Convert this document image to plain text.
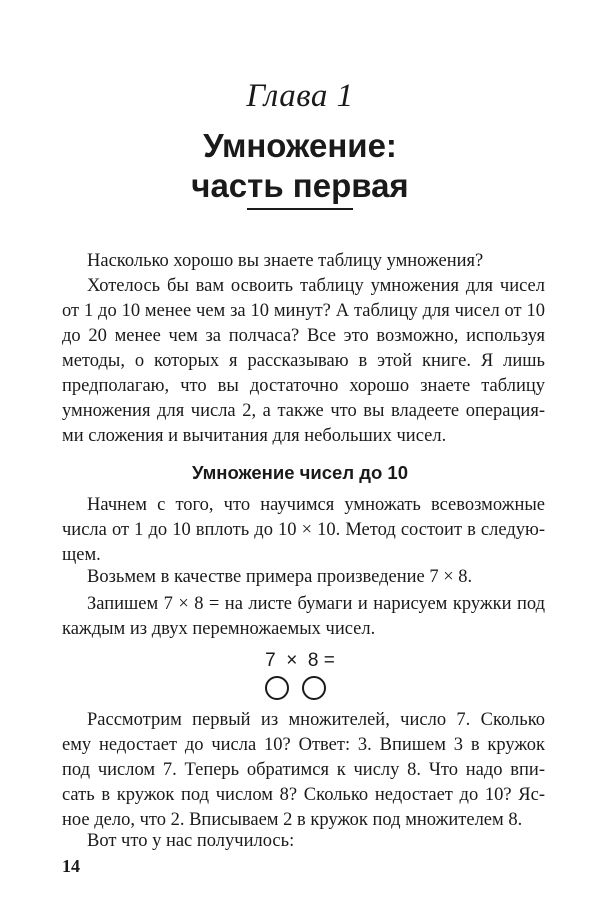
Глава 1
Умножение:
часть первая
Насколько хорошо вы знаете таблицу умножения?
Хотелось бы вам освоить таблицу умножения для чисел
от 1 до 10 менее чем за 10 минут? А таблицу для чисел от 10
до 20 менее чем за полчаса? Все это возможно, используя
методы, о которых я рассказываю в этой книге. Я лишь
предполагаю, что вы достаточно хорошо знаете таблицу
умножения для числа 2, а также что вы владеете операция-
ми сложения и вычитания для небольших чисел.
Умножение чисел до 10
Начнем с того, что научимся умножать всевозможные
числа от 1 до 10 вплоть до 10 × 10. Метод состоит в следую-
щем.
Возьмем в качестве примера произведение 7 × 8.
Запишем 7 × 8 = на листе бумаги и нарисуем кружки под
каждым из двух перемножаемых чисел.
7  ×  8 =
Рассмотрим первый из множителей, число 7. Сколько
ему недостает до числа 10? Ответ: 3. Впишем 3 в кружок
под числом 7. Теперь обратимся к числу 8. Что надо впи-
сать в кружок под числом 8? Сколько недостает до 10? Яс-
ное дело, что 2. Вписываем 2 в кружок под множителем 8.
Вот что у нас получилось:
14
